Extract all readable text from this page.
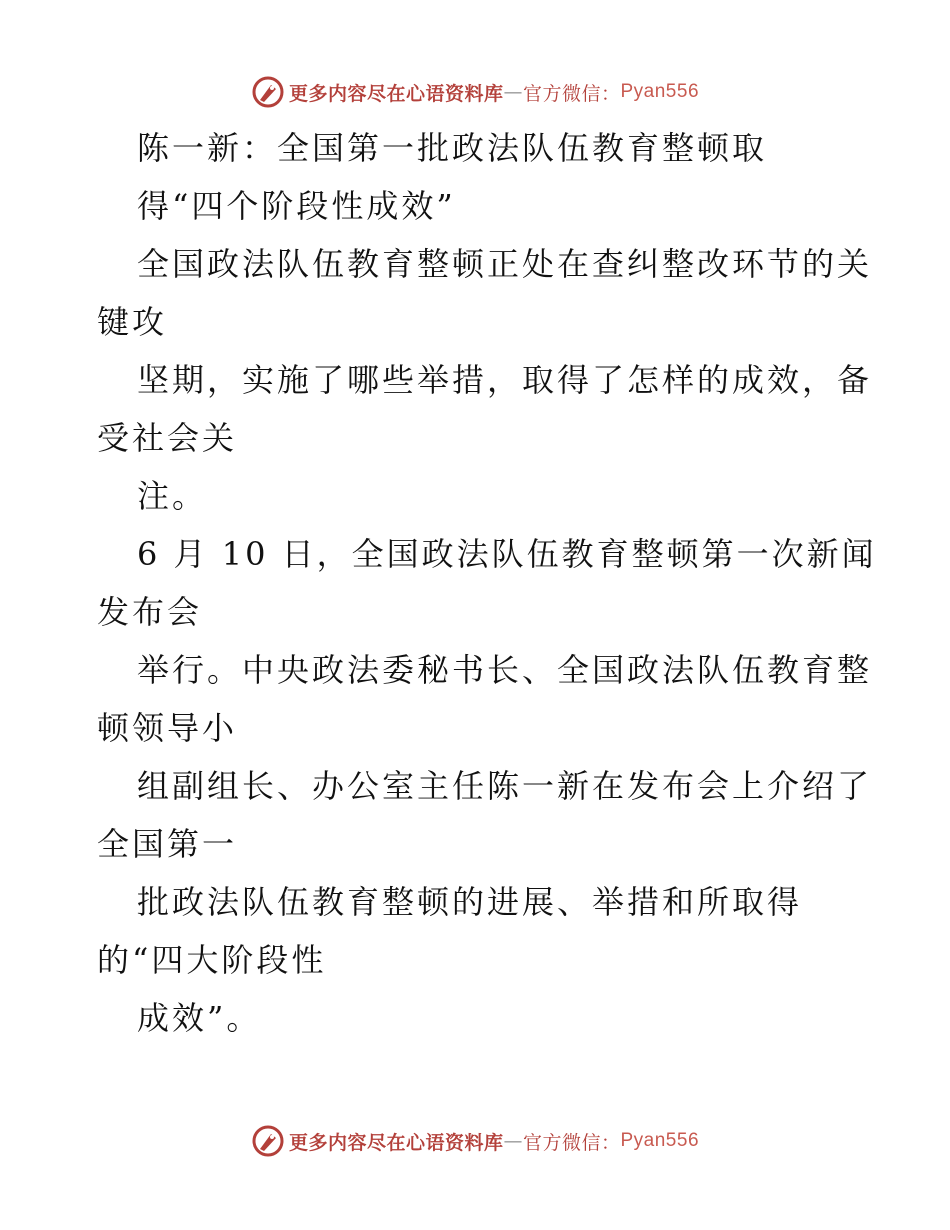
更多内容尽在心语资料库 — 官方微信： Pyan556
陈一新：全国第一批政法队伍教育整顿取
得“四个阶段性成效”
全国政法队伍教育整顿正处在查纠整改环节的关
键攻
坚期，实施了哪些举措，取得了怎样的成效，备
受社会关
注。
6 月 10 日，全国政法队伍教育整顿第一次新闻
发布会
举行。中央政法委秘书长、全国政法队伍教育整
顿领导小
组副组长、办公室主任陈一新在发布会上介绍了
全国第一
批政法队伍教育整顿的进展、举措和所取得
的“四大阶段性
成效”。
更多内容尽在心语资料库 — 官方微信： Pyan556
